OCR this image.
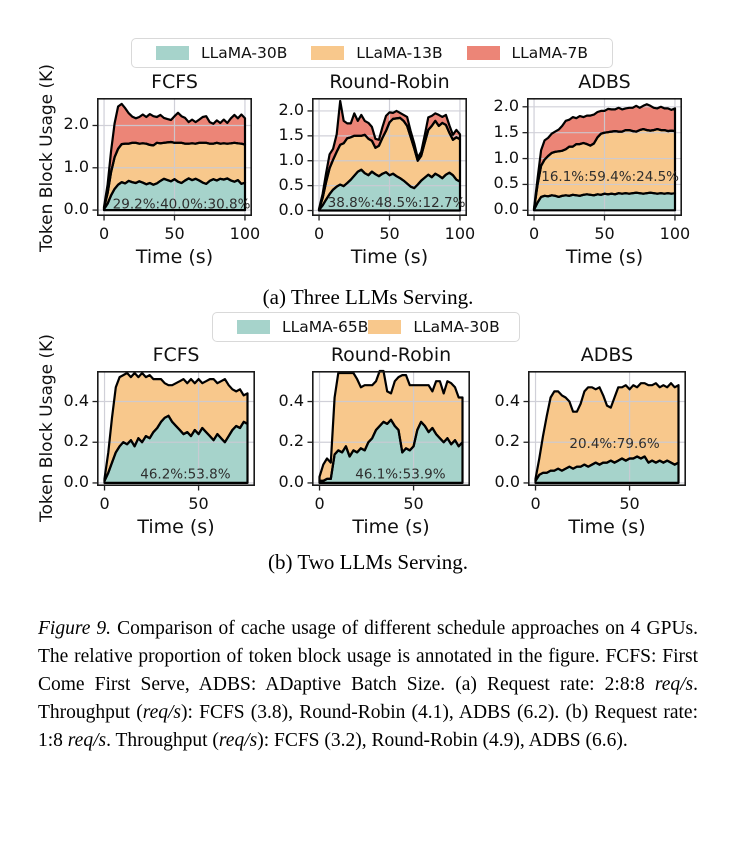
LLaMA-30B	LLaMA-13B	LLaMA-7B
Token Block Usage (K)
(a) Three LLMs Serving.
LLaMA-65B	LLaMA-30B
Token Block Usage (K)
(b) Two LLMs Serving.

Figure 9. Comparison of cache usage of different schedule approaches on 4 GPUs. The relative proportion of token block usage is annotated in the figure. FCFS: First Come First Serve, ADBS: ADaptive Batch Size. (a) Request rate: 2:8:8 req/s. Throughput (req/s): FCFS (3.8), Round-Robin (4.1), ADBS (6.2). (b) Request rate: 1:8 req/s. Throughput (req/s): FCFS (3.2), Round-Robin (4.9), ADBS (6.6).

29.2%:40.0%:30.8%
FCFS
0.0
1.0
2.0
0	50	100
Time (s)
38.8%:48.5%:12.7%
Round-Robin
0.0
0.5
1.0
1.5
2.0
0	50	100
Time (s)
16.1%:59.4%:24.5%
ADBS
0.0
0.5
1.0
1.5
2.0
0	50	100
Time (s)
46.2%:53.8%
FCFS
0.0
0.2
0.4
0	50
Time (s)
46.1%:53.9%
Round-Robin
0.0
0.2
0.4
0	50
Time (s)
20.4%:79.6%
ADBS
0.0
0.2
0.4
0	50
Time (s)
